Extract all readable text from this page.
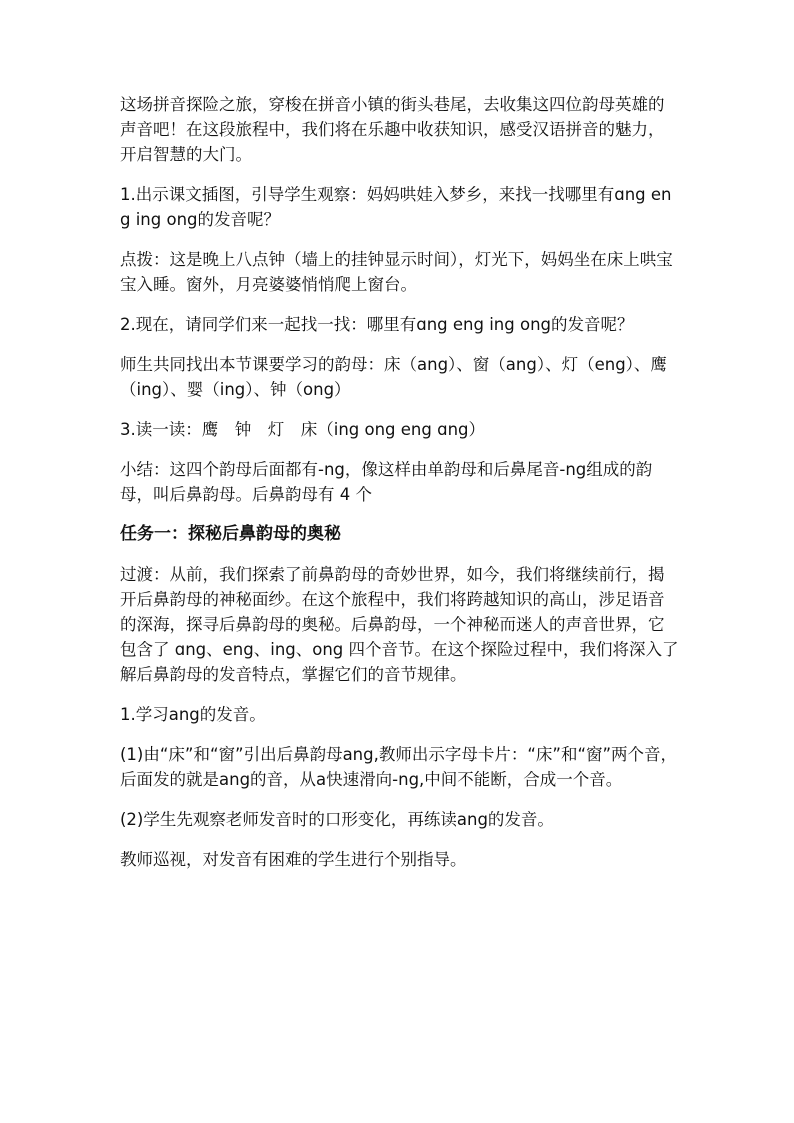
这场拼音探险之旅，穿梭在拼音小镇的街头巷尾，去收集这四位韵母英雄的声音吧！在这段旅程中，我们将在乐趣中收获知识，感受汉语拼音的魅力，开启智慧的大门。

1.出示课文插图，引导学生观察：妈妈哄娃入梦乡，来找一找哪里有ɑng eng ing ong的发音呢？

点拨：这是晚上八点钟（墙上的挂钟显示时间），灯光下，妈妈坐在床上哄宝宝入睡。窗外，月亮婆婆悄悄爬上窗台。

2.现在，请同学们来一起找一找：哪里有ɑng eng ing ong的发音呢？

师生共同找出本节课要学习的韵母：床（ang）、窗（ang）、灯（eng）、鹰（ing）、婴（ing）、钟（ong）

3.读一读：鹰　钟　灯　床（ing ong eng ɑng）

小结：这四个韵母后面都有-ng，像这样由单韵母和后鼻尾音-ng组成的韵母，叫后鼻韵母。后鼻韵母有 4 个

任务一：探秘后鼻韵母的奥秘

过渡：从前，我们探索了前鼻韵母的奇妙世界，如今，我们将继续前行，揭开后鼻韵母的神秘面纱。在这个旅程中，我们将跨越知识的高山，涉足语音的深海，探寻后鼻韵母的奥秘。后鼻韵母，一个神秘而迷人的声音世界，它包含了 ɑng、eng、ing、ong 四个音节。在这个探险过程中，我们将深入了解后鼻韵母的发音特点，掌握它们的音节规律。

1.学习ang的发音。

(1)由“床”和“窗”引出后鼻韵母ang,教师出示字母卡片：“床”和“窗”两个音，后面发的就是ang的音，从a快速滑向-ng,中间不能断，合成一个音。

(2)学生先观察老师发音时的口形变化，再练读ang的发音。

教师巡视，对发音有困难的学生进行个别指导。
